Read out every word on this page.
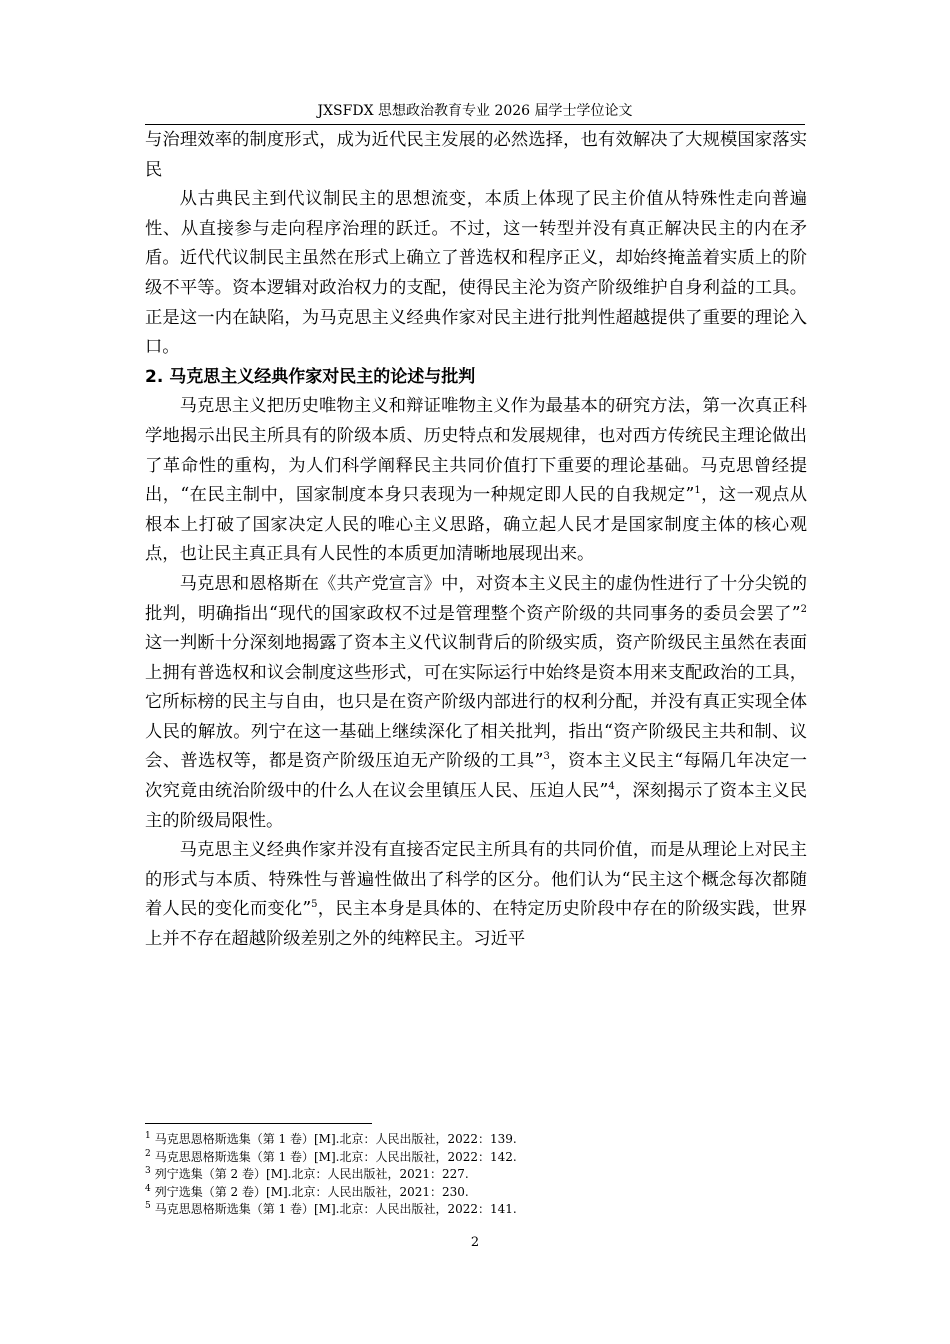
JXSFDX 思想政治教育专业 2026 届学士学位论文

与治理效率的制度形式，成为近代民主发展的必然选择，也有效解决了大规模国家落实民

从古典民主到代议制民主的思想流变，本质上体现了民主价值从特殊性走向普遍性、从直接参与走向程序治理的跃迁。不过，这一转型并没有真正解决民主的内在矛盾。近代代议制民主虽然在形式上确立了普选权和程序正义，却始终掩盖着实质上的阶级不平等。资本逻辑对政治权力的支配，使得民主沦为资产阶级维护自身利益的工具。正是这一内在缺陷，为马克思主义经典作家对民主进行批判性超越提供了重要的理论入口。

2. 马克思主义经典作家对民主的论述与批判

马克思主义把历史唯物主义和辩证唯物主义作为最基本的研究方法，第一次真正科学地揭示出民主所具有的阶级本质、历史特点和发展规律，也对西方传统民主理论做出了革命性的重构，为人们科学阐释民主共同价值打下重要的理论基础。马克思曾经提出，“在民主制中，国家制度本身只表现为一种规定即人民的自我规定”$^1$，这一观点从根本上打破了国家决定人民的唯心主义思路，确立起人民才是国家制度主体的核心观点，也让民主真正具有人民性的本质更加清晰地展现出来。

马克思和恩格斯在《共产党宣言》中，对资本主义民主的虚伪性进行了十分尖锐的批判，明确指出“现代的国家政权不过是管理整个资产阶级的共同事务的委员会罢了”$^2$这一判断十分深刻地揭露了资本主义代议制背后的阶级实质，资产阶级民主虽然在表面上拥有普选权和议会制度这些形式，可在实际运行中始终是资本用来支配政治的工具，它所标榜的民主与自由，也只是在资产阶级内部进行的权利分配，并没有真正实现全体人民的解放。列宁在这一基础上继续深化了相关批判，指出“资产阶级民主共和制、议会、普选权等，都是资产阶级压迫无产阶级的工具”$^3$，资本主义民主“每隔几年决定一次究竟由统治阶级中的什么人在议会里镇压人民、压迫人民”$^4$，深刻揭示了资本主义民主的阶级局限性。

马克思主义经典作家并没有直接否定民主所具有的共同价值，而是从理论上对民主的形式与本质、特殊性与普遍性做出了科学的区分。他们认为“民主这个概念每次都随着人民的变化而变化”$^5$，民主本身是具体的、在特定历史阶段中存在的阶级实践，世界上并不存在超越阶级差别之外的纯粹民主。习近平

$^1$ 马克思恩格斯选集（第 1 卷）[M].北京：人民出版社，2022：139.

$^2$ 马克思恩格斯选集（第 1 卷）[M].北京：人民出版社，2022：142.

$^3$ 列宁选集（第 2 卷）[M].北京：人民出版社，2021：227.

$^4$ 列宁选集（第 2 卷）[M].北京：人民出版社，2021：230.

$^5$ 马克思恩格斯选集（第 1 卷）[M].北京：人民出版社，2022：141.

2
